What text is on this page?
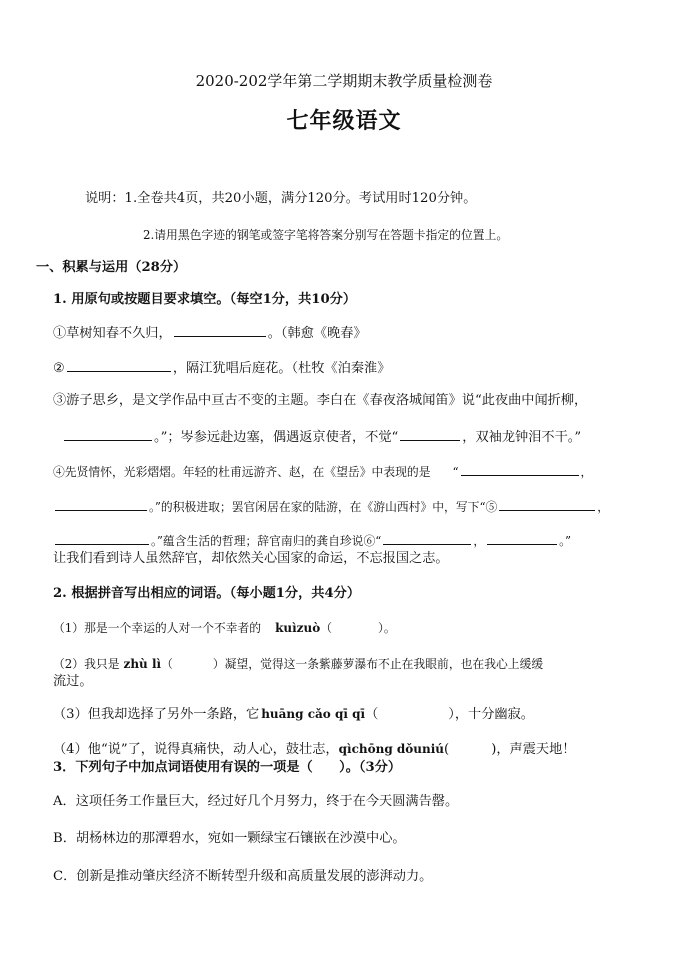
2020-202学年第二学期期末教学质量检测卷
七年级语文
说明：1.全卷共4页，共20小题，满分120分。考试用时120分钟。
2.请用黑色字迹的钢笔或签字笔将答案分别写在答题卡指定的位置上。
一、积累与运用（28分）
1. 用原句或按题目要求填空。（每空1分，共10分）
①草树知春不久归，	。（韩愈《晚春》
②	，隔江犹唱后庭花。（杜牧《泊秦淮》
③游子思乡，是文学作品中亘古不变的主题。李白在《春夜洛城闻笛》说“此夜曲中闻折柳，
。”；岑参远赴边塞，偶遇返京使者，不觉“	，双袖龙钟泪不干。”
④先贤情怀，光彩熠熠。年轻的杜甫远游齐、赵，在《望岳》中表现的是 “	，
。”的积极进取；罢官闲居在家的陆游，在《游山西村》中，写下“⑤	，
。”蕴含生活的哲理；辞官南归的龚自珍说⑥“	，	。”
让我们看到诗人虽然辞官，却依然关心国家的命运，不忘报国之志。
2. 根据拼音写出相应的词语。（每小题1分，共4分）
（1）那是一个幸运的人对一个不幸者的 kuìzuò（	）。
（2）我只是 zhù lì（	）凝望，觉得这一条紫藤萝瀑布不止在我眼前，也在我心上缓缓
流过。
（3）但我却选择了另外一条路，它 huāng cǎo qī qī（	），十分幽寂。
（4）他“说”了，说得真痛快，动人心，鼓壮志，qìchōng dǒuniú(	)，声震天地！
3．下列句子中加点词语使用有误的一项是（　　）。（3分）
A．这项任务工作量巨大，经过好几个月努力，终于在今天圆满告罄。
B．胡杨林边的那潭碧水，宛如一颗绿宝石镶嵌在沙漠中心。
C．创新是推动肇庆经济不断转型升级和高质量发展的澎湃动力。
